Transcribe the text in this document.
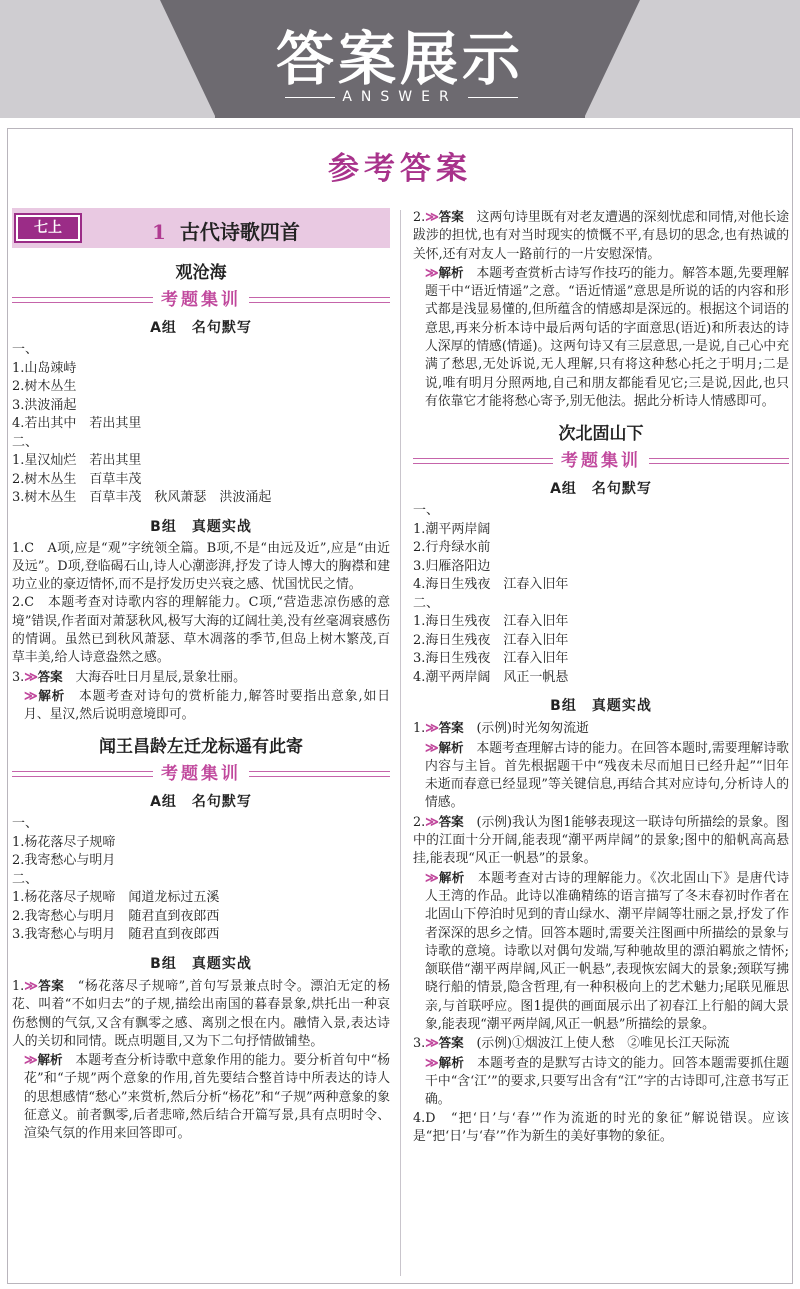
答案展示
ANSWER
参考答案
七上	1 古代诗歌四首
观沧海
考题集训
A组　名句默写
一、
1.山岛竦峙
2.树木丛生
3.洪波涌起
4.若出其中　若出其里
二、
1.星汉灿烂　若出其里
2.树木丛生　百草丰茂
3.树木丛生　百草丰茂　秋风萧瑟　洪波涌起
B组　真题实战
1.C　A项,应是“观”字统领全篇。B项,不是“由远及近”,应是“由近及远”。D项,登临碣石山,诗人心潮澎湃,抒发了诗人博大的胸襟和建功立业的豪迈情怀,而不是抒发历史兴衰之感、忧国忧民之情。
2.C　本题考查对诗歌内容的理解能力。C项,“营造悲凉伤感的意境”错误,作者面对萧瑟秋风,极写大海的辽阔壮美,没有丝毫凋衰感伤的情调。虽然已到秋风萧瑟、草木凋落的季节,但岛上树木繁茂,百草丰美,给人诗意盎然之感。
3.≫答案　 大海吞吐日月星辰,景象壮丽。
≫解析　 本题考查对诗句的赏析能力,解答时要指出意象,如日月、星汉,然后说明意境即可。
闻王昌龄左迁龙标遥有此寄
考题集训
A组　名句默写
一、
1.杨花落尽子规啼
2.我寄愁心与明月
二、
1.杨花落尽子规啼　闻道龙标过五溪
2.我寄愁心与明月　随君直到夜郎西
3.我寄愁心与明月　随君直到夜郎西
B组　真题实战
1.≫答案　 “杨花落尽子规啼”,首句写景兼点时令。漂泊无定的杨花、叫着“不如归去”的子规,描绘出南国的暮春景象,烘托出一种哀伤愁恻的气氛,又含有飘零之感、离别之恨在内。融情入景,表达诗人的关切和同情。既点明题目,又为下二句抒情做铺垫。
≫解析　 本题考查分析诗歌中意象作用的能力。要分析首句中“杨花”和“子规”两个意象的作用,首先要结合整首诗中所表达的诗人的思想感情“愁心”来赏析,然后分析“杨花”和“子规”两种意象的象征意义。前者飘零,后者悲啼,然后结合开篇写景,具有点明时令、渲染气氛的作用来回答即可。
2.≫答案　 这两句诗里既有对老友遭遇的深刻忧虑和同情,对他长途跋涉的担忧,也有对当时现实的愤慨不平,有恳切的思念,也有热诚的关怀,还有对友人一路前行的一片安慰深情。
≫解析　 本题考查赏析古诗写作技巧的能力。解答本题,先要理解题干中“语近情遥”之意。“语近情遥”意思是所说的话的内容和形式都是浅显易懂的,但所蕴含的情感却是深远的。根据这个词语的意思,再来分析本诗中最后两句话的字面意思(语近)和所表达的诗人深厚的情感(情遥)。这两句诗又有三层意思,一是说,自己心中充满了愁思,无处诉说,无人理解,只有将这种愁心托之于明月;二是说,唯有明月分照两地,自己和朋友都能看见它;三是说,因此,也只有依靠它才能将愁心寄予,别无他法。据此分析诗人情感即可。
次北固山下
考题集训
A组　名句默写
一、
1.潮平两岸阔
2.行舟绿水前
3.归雁洛阳边
4.海日生残夜　江春入旧年
二、
1.海日生残夜　江春入旧年
2.海日生残夜　江春入旧年
3.海日生残夜　江春入旧年
4.潮平两岸阔　风正一帆悬
B组　真题实战
1.≫答案　 (示例)时光匆匆流逝
≫解析　 本题考查理解古诗的能力。在回答本题时,需要理解诗歌内容与主旨。首先根据题干中“残夜未尽而旭日已经升起”“旧年未逝而春意已经显现”等关键信息,再结合其对应诗句,分析诗人的情感。
2.≫答案　 (示例)我认为图1能够表现这一联诗句所描绘的景象。图中的江面十分开阔,能表现“潮平两岸阔”的景象;图中的船帆高高悬挂,能表现“风正一帆悬”的景象。
≫解析　 本题考查对古诗的理解能力。《次北固山下》是唐代诗人王湾的作品。此诗以准确精练的语言描写了冬末春初时作者在北固山下停泊时见到的青山绿水、潮平岸阔等壮丽之景,抒发了作者深深的思乡之情。回答本题时,需要关注图画中所描绘的景象与诗歌的意境。诗歌以对偶句发端,写种驰故里的漂泊羁旅之情怀;颔联借“潮平两岸阔,风正一帆悬”,表现恢宏阔大的景象;颈联写拂晓行船的情景,隐含哲理,有一种积极向上的艺术魅力;尾联见雁思亲,与首联呼应。图1提供的画面展示出了初春江上行船的阔大景象,能表现“潮平两岸阔,风正一帆悬”所描绘的景象。
3.≫答案　 (示例)①烟波江上使人愁　②唯见长江天际流
≫解析　 本题考查的是默写古诗文的能力。回答本题需要抓住题干中“含‘江’”的要求,只要写出含有“江”字的古诗即可,注意书写正确。
4.D　“把‘日’与‘春’”作为流逝的时光的象征”解说错误。应该是“把‘日’与‘春’”作为新生的美好事物的象征。
